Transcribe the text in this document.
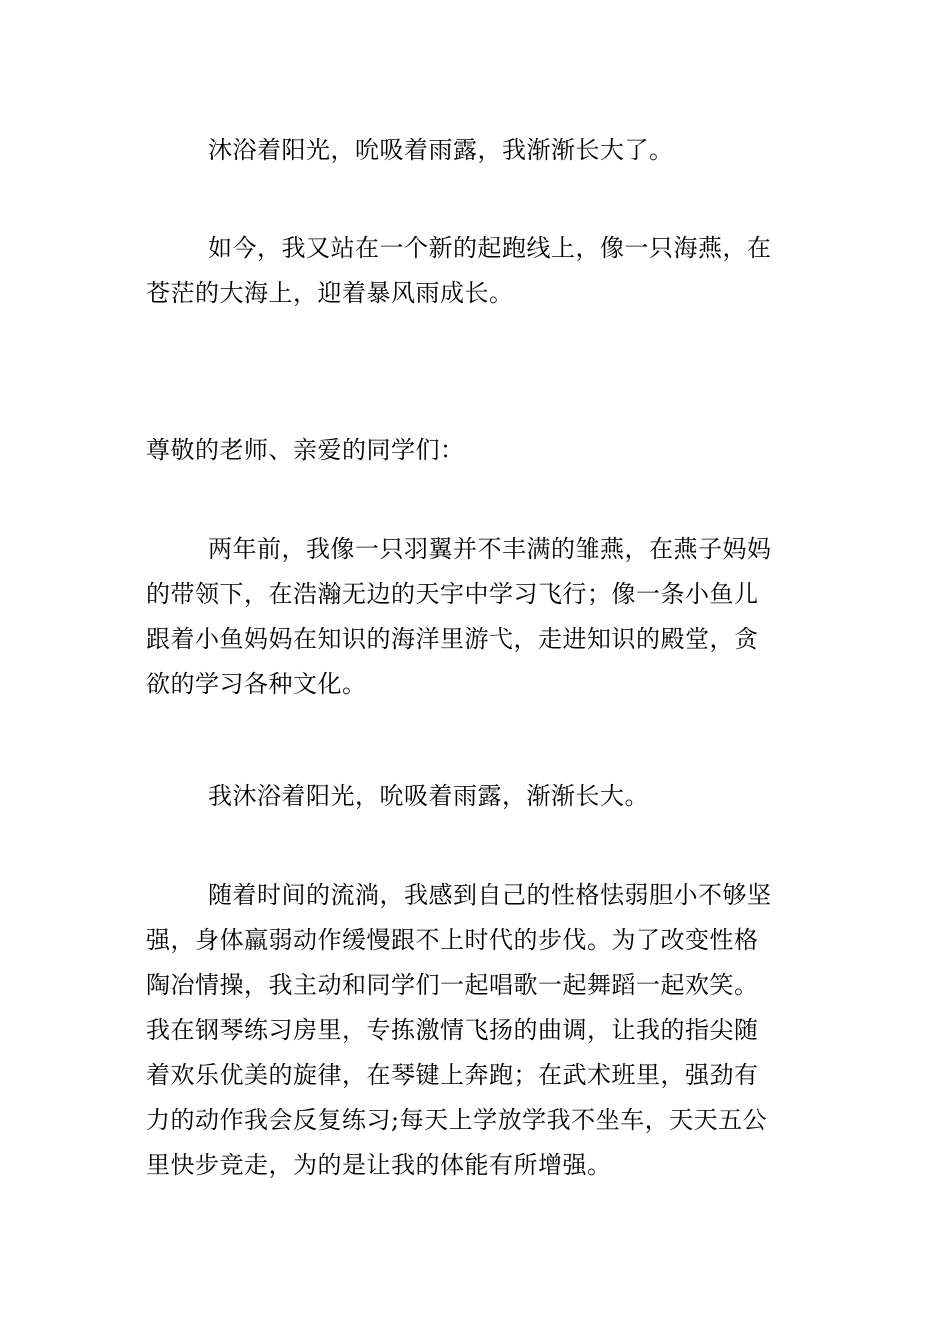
沐浴着阳光，吮吸着雨露，我渐渐长大了。

如今，我又站在一个新的起跑线上，像一只海燕，在
苍茫的大海上，迎着暴风雨成长。

尊敬的老师、亲爱的同学们：

两年前，我像一只羽翼并不丰满的雏燕，在燕子妈妈
的带领下，在浩瀚无边的天宇中学习飞行；像一条小鱼儿
跟着小鱼妈妈在知识的海洋里游弋，走进知识的殿堂，贪
欲的学习各种文化。

我沐浴着阳光，吮吸着雨露，渐渐长大。

随着时间的流淌，我感到自己的性格怯弱胆小不够坚
强，身体羸弱动作缓慢跟不上时代的步伐。为了改变性格
陶冶情操，我主动和同学们一起唱歌一起舞蹈一起欢笑。
我在钢琴练习房里，专拣激情飞扬的曲调，让我的指尖随
着欢乐优美的旋律，在琴键上奔跑；在武术班里，强劲有
力的动作我会反复练习;每天上学放学我不坐车，天天五公
里快步竞走，为的是让我的体能有所增强。
